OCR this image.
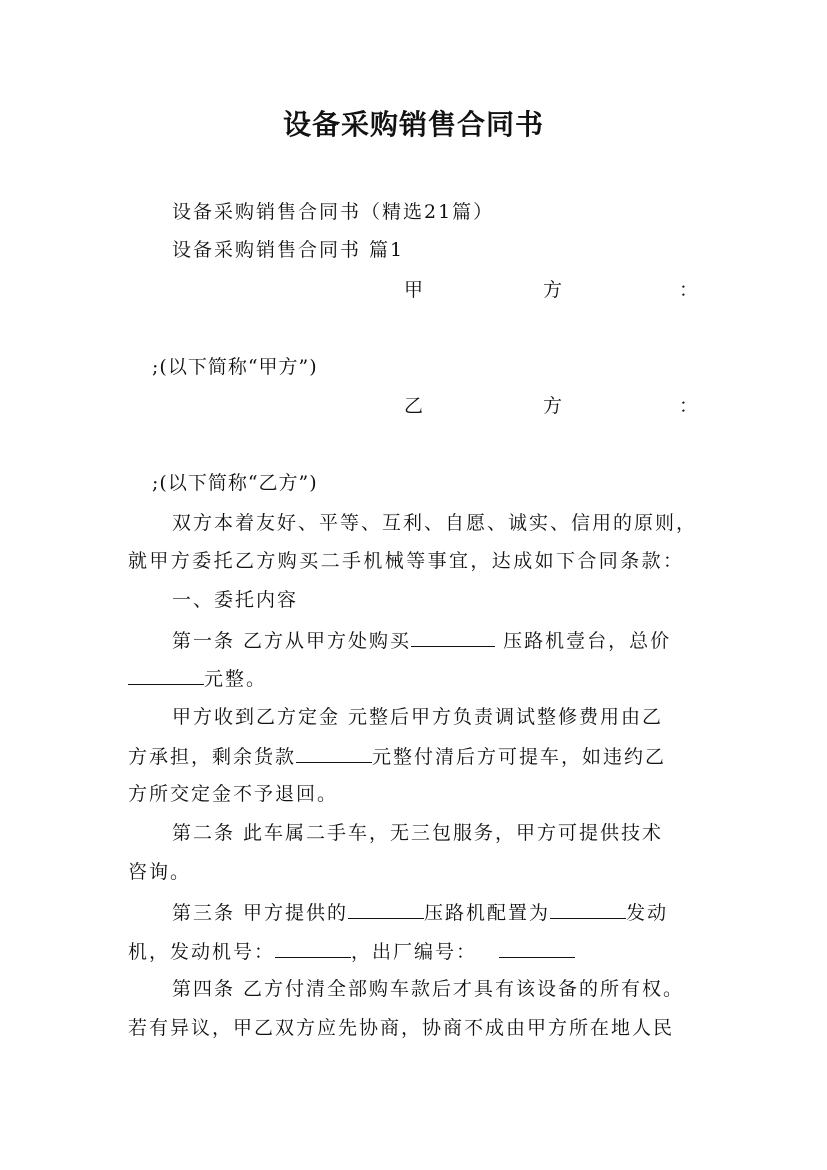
设备采购销售合同书
设备采购销售合同书（精选21篇）
设备采购销售合同书 篇1
甲	方	：
;(以下简称“甲方”)
乙	方	：
;(以下简称“乙方”)
双方本着友好、平等、互利、自愿、诚实、信用的原则，
就甲方委托乙方购买二手机械等事宜，达成如下合同条款：
一、委托内容
第一条 乙方从甲方处购买	压路机壹台，总价
元整。
甲方收到乙方定金 元整后甲方负责调试整修费用由乙
方承担，剩余货款	元整付清后方可提车，如违约乙
方所交定金不予退回。
第二条 此车属二手车，无三包服务，甲方可提供技术
咨询。
第三条 甲方提供的	压路机配置为	发动
机，发动机号：	，出厂编号：
第四条 乙方付清全部购车款后才具有该设备的所有权。
若有异议，甲乙双方应先协商，协商不成由甲方所在地人民
